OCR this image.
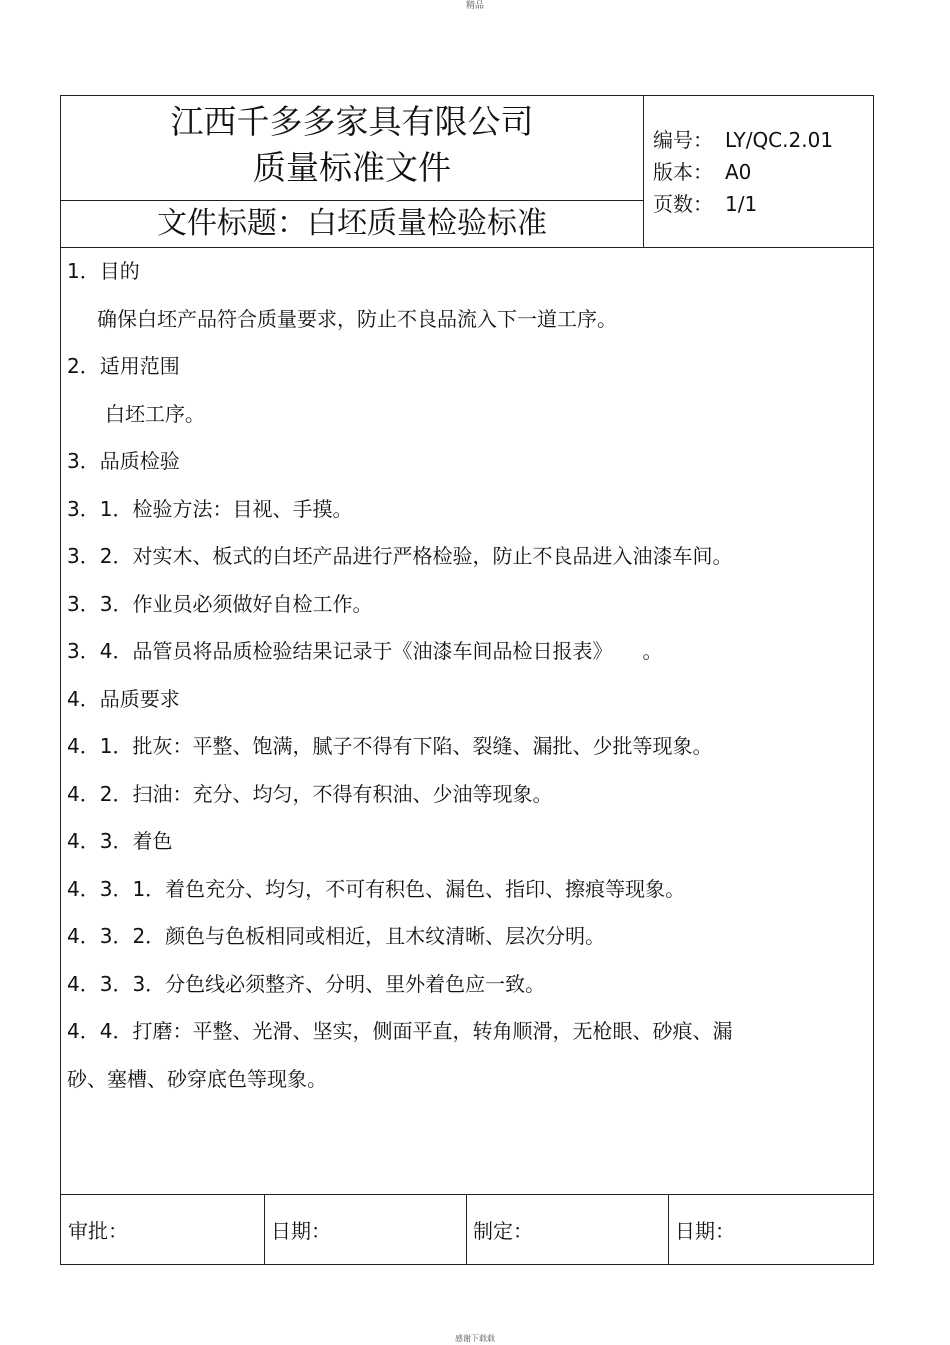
精品
江西千多多家具有限公司
质量标准文件
文件标题：白坯质量检验标准
编号： LY/QC.2.01
版本： A0
页数： 1/1
1．目的
确保白坯产品符合质量要求，防止不良品流入下一道工序。
2．适用范围
白坯工序。
3．品质检验
3．1．检验方法：目视、手摸。
3．2．对实木、板式的白坯产品进行严格检验，防止不良品进入油漆车间。
3．3．作业员必须做好自检工作。
3．4．品管员将品质检验结果记录于《油漆车间品检日报表》　　。
4．品质要求
4．1．批灰：平整、饱满，腻子不得有下陷、裂缝、漏批、少批等现象。
4．2．扫油：充分、均匀，不得有积油、少油等现象。
4．3．着色
4．3．1．着色充分、均匀，不可有积色、漏色、指印、擦痕等现象。
4．3．2．颜色与色板相同或相近，且木纹清晰、层次分明。
4．3．3．分色线必须整齐、分明、里外着色应一致。
4．4．打磨：平整、光滑、坚实，侧面平直，转角顺滑，无枪眼、砂痕、漏
砂、塞槽、砂穿底色等现象。
审批：	日期：	制定：	日期：
感谢下载载
